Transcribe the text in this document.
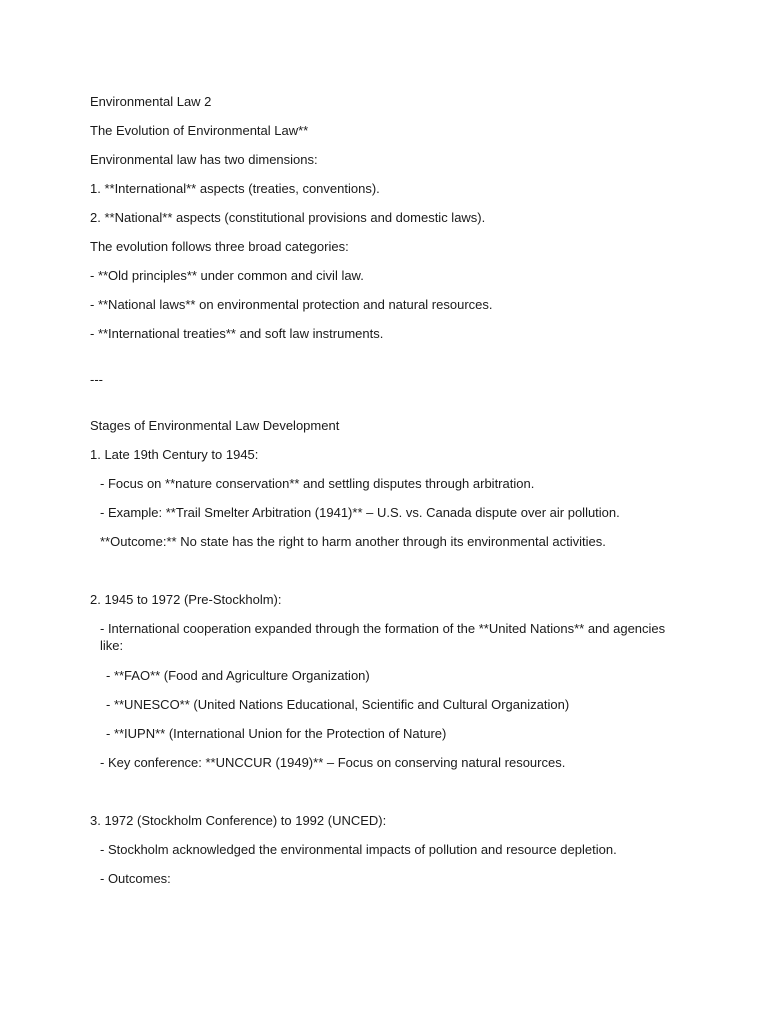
Environmental Law 2
The Evolution of Environmental Law**
Environmental law has two dimensions:
1. **International** aspects (treaties, conventions).
2. **National** aspects (constitutional provisions and domestic laws).
The evolution follows three broad categories:
- **Old principles** under common and civil law.
- **National laws** on environmental protection and natural resources.
- **International treaties** and soft law instruments.
---
Stages of Environmental Law Development
1. Late 19th Century to 1945:
- Focus on **nature conservation** and settling disputes through arbitration.
- Example: **Trail Smelter Arbitration (1941)** – U.S. vs. Canada dispute over air pollution.
**Outcome:** No state has the right to harm another through its environmental activities.
2. 1945 to 1972 (Pre-Stockholm):
- International cooperation expanded through the formation of the **United Nations** and agencies like:
- **FAO** (Food and Agriculture Organization)
- **UNESCO** (United Nations Educational, Scientific and Cultural Organization)
- **IUPN** (International Union for the Protection of Nature)
- Key conference: **UNCCUR (1949)** – Focus on conserving natural resources.
3. 1972 (Stockholm Conference) to 1992 (UNCED):
- Stockholm acknowledged the environmental impacts of pollution and resource depletion.
- Outcomes:
